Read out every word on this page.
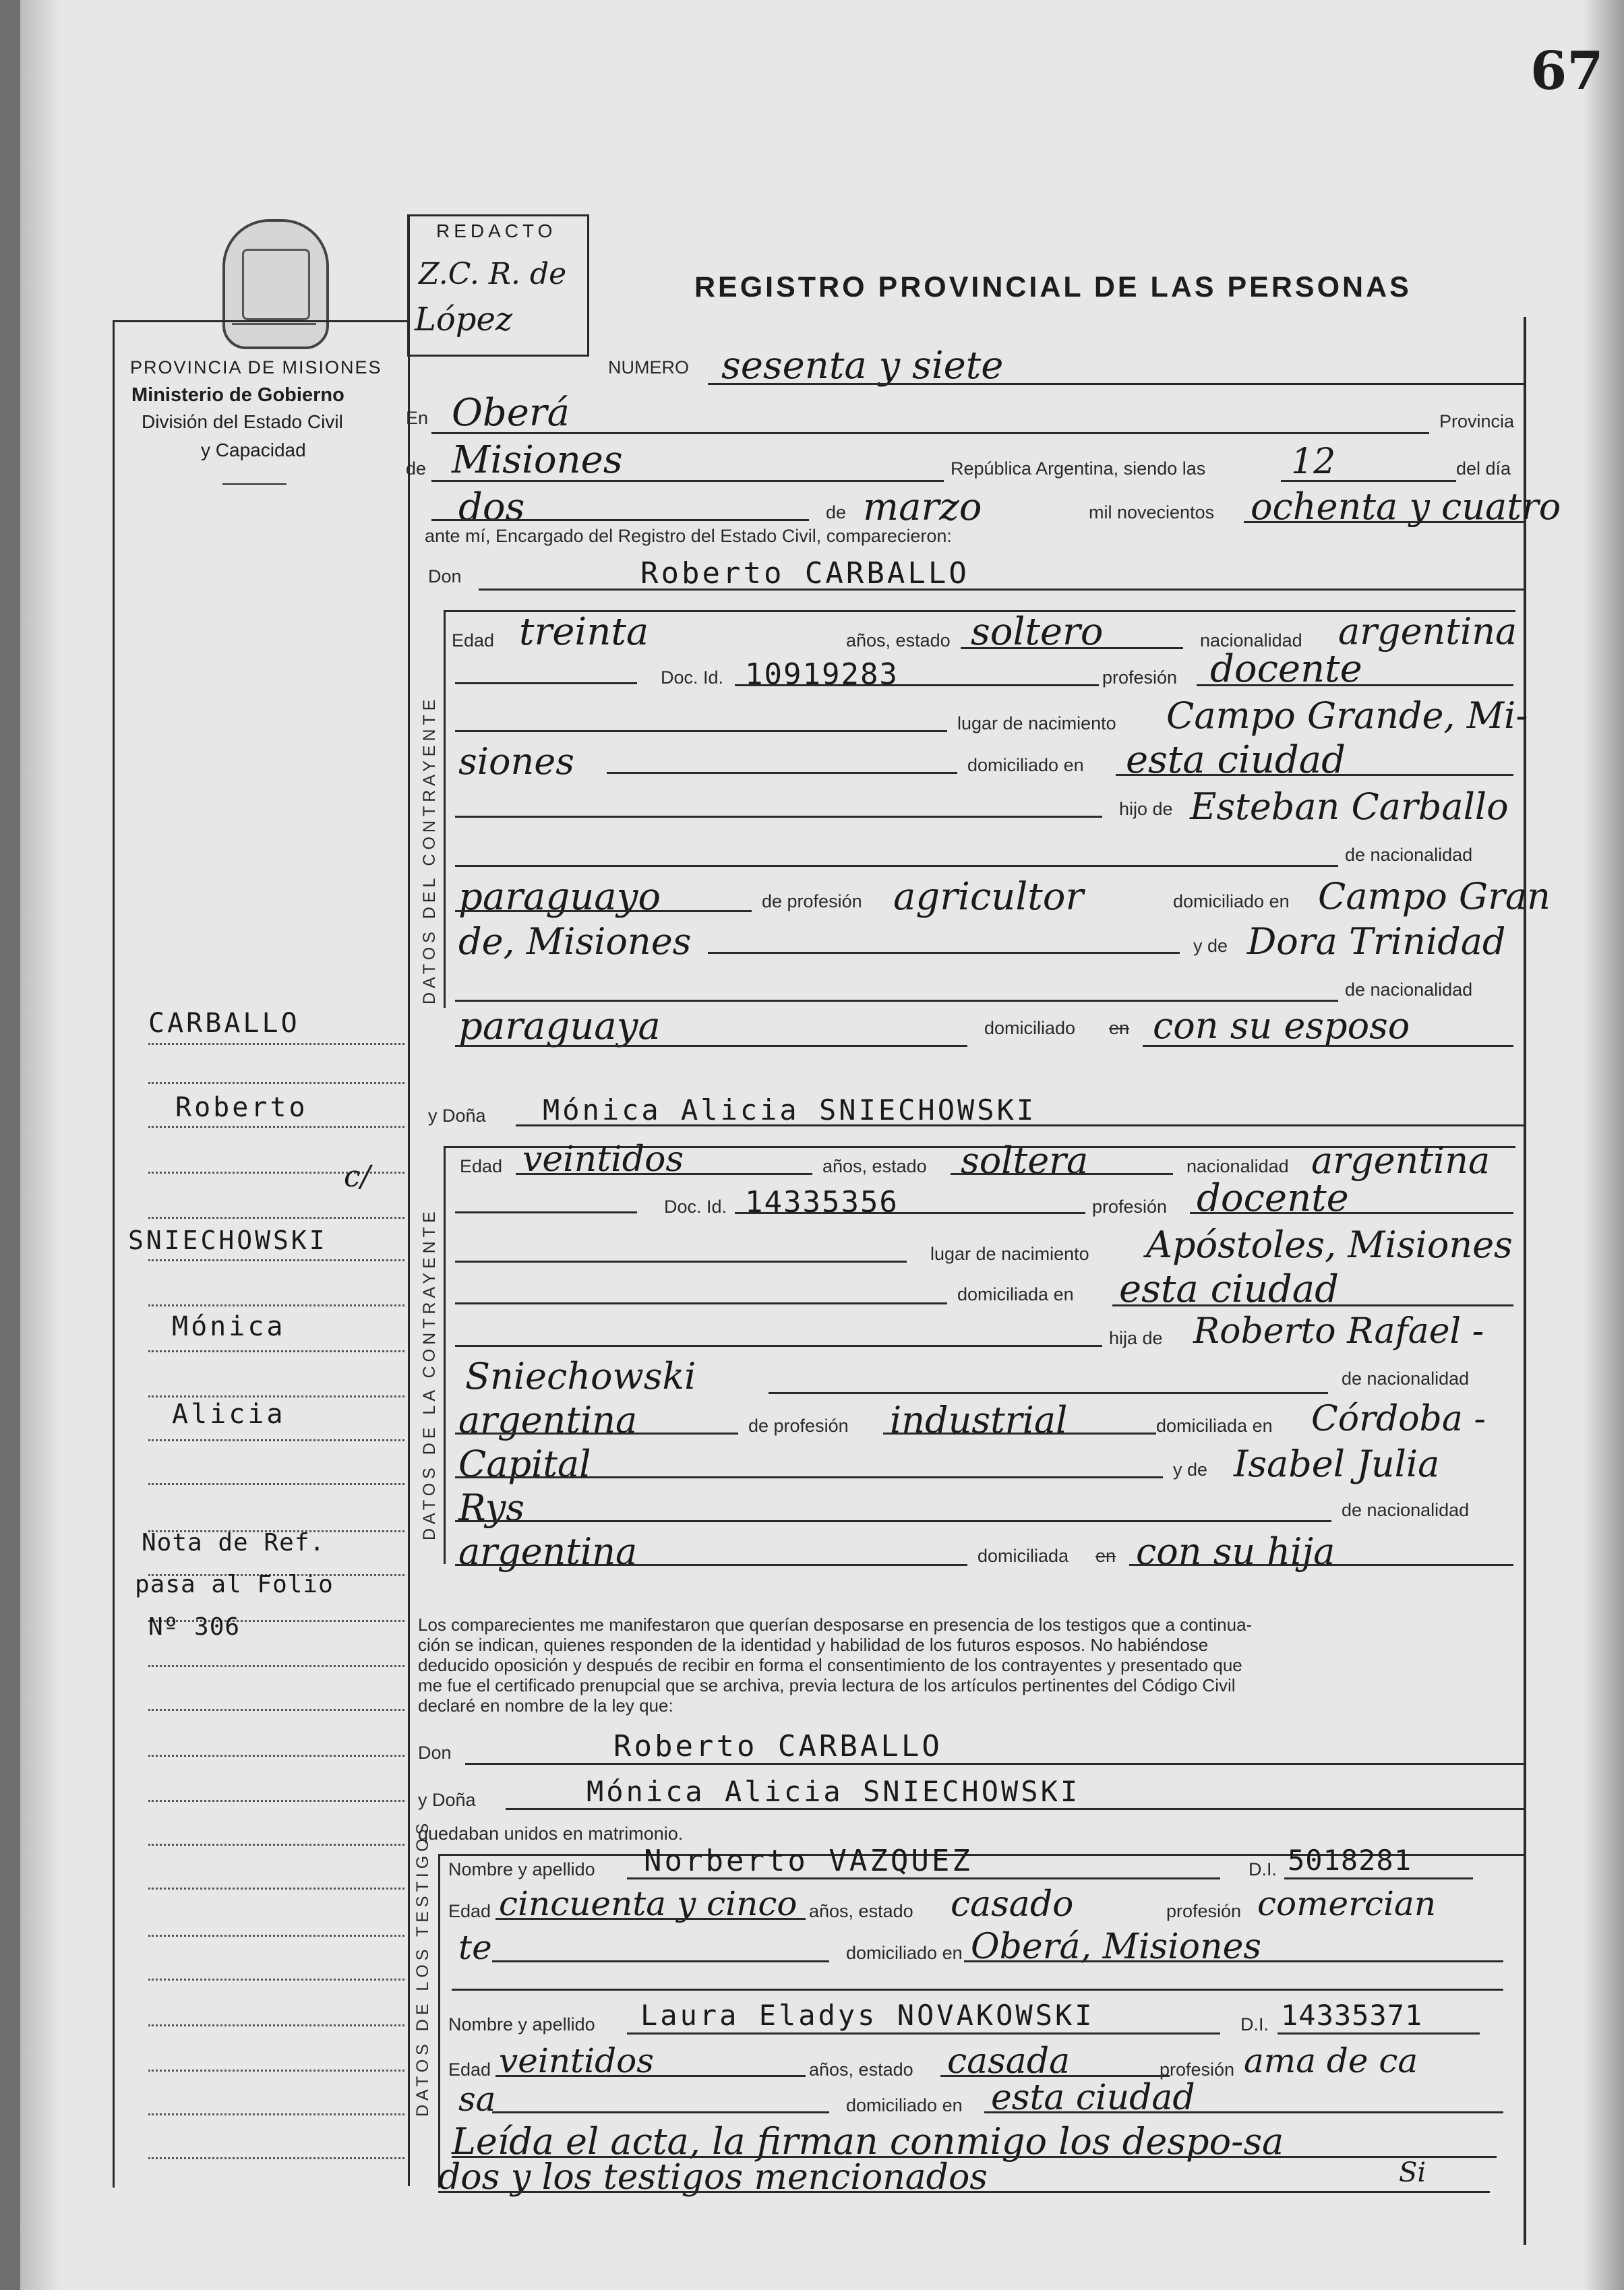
67
PROVINCIA DE MISIONES
Ministerio de Gobierno
División del Estado Civil
y Capacidad
REDACTO
Z.C. R. de
López
REGISTRO PROVINCIAL DE LAS PERSONAS
CARBALLO
Roberto
c/
SNIECHOWSKI
Mónica
Alicia
Nota de Ref.
pasa al Folio
Nº 306
NUMERO sesenta y siete
En Oberá	Provincia
de Misiones	República Argentina, siendo las 12	del día
dos	de marzo	mil novecientos ochenta y cuatro
ante mí, Encargado del Registro del Estado Civil, comparecieron:
Don	Roberto CARBALLO
DATOS DEL CONTRAYENTE
Edad treinta	años, estado soltero	nacionalidad argentina
Doc. Id. 10919283	profesión docente
lugar de nacimiento Campo Grande, Mi-
siones	domiciliado en esta ciudad
hijo de Esteban Carballo
de nacionalidad
paraguayo	de profesión agricultor	domiciliado en Campo Gran
de, Misiones	y de Dora Trinidad
de nacionalidad
paraguaya	domiciliado en con su esposo
y Doña Mónica Alicia SNIECHOWSKI
DATOS DE LA CONTRAYENTE
Edad veintidos	años, estado soltera	nacionalidad argentina
Doc. Id. 14335356	profesión docente
lugar de nacimiento Apóstoles, Misiones
domiciliada en esta ciudad
hija de Roberto Rafael -
Sniechowski	de nacionalidad
argentina	de profesión industrial	domiciliada en Córdoba -
Capital	y de Isabel Julia
Rys	de nacionalidad
argentina	domiciliada en con su hija
Los comparecientes me manifestaron que querían desposarse en presencia de los testigos que a continua-
ción se indican, quienes responden de la identidad y habilidad de los futuros esposos. No habiéndose
deducido oposición y después de recibir en forma el consentimiento de los contrayentes y presentado que
me fue el certificado prenupcial que se archiva, previa lectura de los artículos pertinentes del Código Civil
declaré en nombre de la ley que:
Don	Roberto CARBALLO
y Doña	Mónica Alicia SNIECHOWSKI
quedaban unidos en matrimonio.
DATOS DE LOS TESTIGOS Nombre y apellido Norberto VAZQUEZ	D.I. 5018281
Edad cincuenta y cinco años, estado casado	profesión comercian
te	domiciliado en Oberá, Misiones
Nombre y apellido Laura Eladys NOVAKOWSKI	D.I. 14335371
Edad veintidos	años, estado casada	profesión ama de ca
sa	domiciliado en esta ciudad
Leída el acta, la firman conmigo los despo-sa
dos y los testigos mencionados	Si
